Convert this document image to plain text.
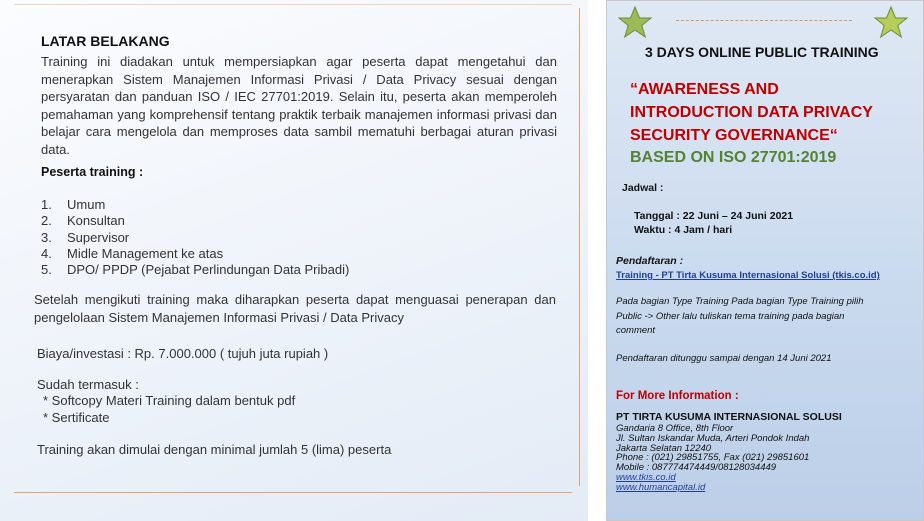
LATAR BELAKANG
Training ini diadakan untuk mempersiapkan agar peserta dapat mengetahui dan menerapkan Sistem Manajemen Informasi Privasi / Data Privacy sesuai dengan persyaratan dan panduan ISO / IEC 27701:2019. Selain itu, peserta akan memperoleh pemahaman yang komprehensif tentang praktik terbaik manajemen informasi privasi dan belajar cara mengelola dan memproses data sambil mematuhi berbagai aturan privasi data.
Peserta training :
1. Umum
2. Konsultan
3. Supervisor
4. Midle Management ke atas
5. DPO/ PPDP (Pejabat Perlindungan Data Pribadi)
Setelah mengikuti training maka diharapkan peserta dapat menguasai penerapan dan pengelolaan Sistem Manajemen Informasi Privasi / Data Privacy
Biaya/investasi : Rp. 7.000.000 ( tujuh juta rupiah )
Sudah termasuk :
* Softcopy Materi Training dalam bentuk pdf
* Sertificate
Training akan dimulai dengan minimal jumlah 5 (lima) peserta
3 DAYS ONLINE PUBLIC TRAINING
“AWARENESS AND
INTRODUCTION DATA PRIVACY
SECURITY GOVERNANCE“
BASED ON ISO 27701:2019
Jadwal :
Tanggal : 22 Juni – 24 Juni 2021
Waktu : 4 Jam / hari
Pendaftaran :
Training - PT Tirta Kusuma Internasional Solusi (tkis.co.id)
Pada bagian Type Training Pada bagian Type Training pilih
Public -> Other lalu tuliskan tema training pada bagian
comment
Pendaftaran ditunggu sampai dengan 14 Juni 2021
For More Information :
PT TIRTA KUSUMA INTERNASIONAL SOLUSI
Gandaria 8 Office, 8th Floor
Jl. Sultan Iskandar Muda, Arteri Pondok Indah
Jakarta Selatan 12240
Phone : (021) 29851755, Fax (021) 29851601
Mobile : 087774474449/08128034449
www.tkis.co.id
www.humancapital.id
